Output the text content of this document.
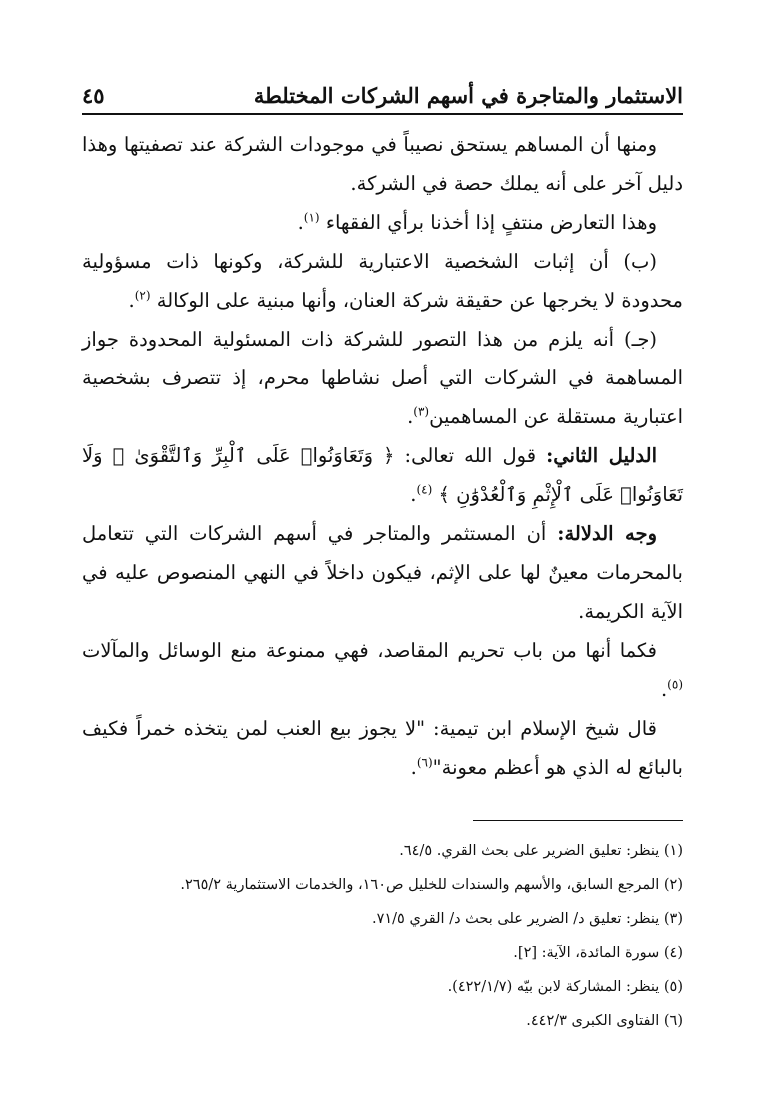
الاستثمار والمتاجرة في أسهم الشركات المختلطة
٤٥

ومنها أن المساهم يستحق نصيباً في موجودات الشركة عند تصفيتها وهذا دليل آخر على أنه يملك حصة في الشركة.

وهذا التعارض منتفٍ إذا أخذنا برأي الفقهاء $^{(١)}$.

(ب) أن إثبات الشخصية الاعتبارية للشركة، وكونها ذات مسؤولية محدودة لا يخرجها عن حقيقة شركة العنان، وأنها مبنية على الوكالة $^{(٢)}$.

(جـ) أنه يلزم من هذا التصور للشركة ذات المسئولية المحدودة جواز المساهمة في الشركات التي أصل نشاطها محرم، إذ تتصرف بشخصية اعتبارية مستقلة عن المساهمين$^{(٣)}$.

الدليل الثاني: قول الله تعالى: ﴿ وَتَعَاوَنُوا۟ عَلَى ٱلْبِرِّ وَٱلتَّقْوَىٰ ۖ وَلَا تَعَاوَنُوا۟ عَلَى ٱلْإِثْمِ وَٱلْعُدْوَٰنِ ﴾ $^{(٤)}$.

وجه الدلالة: أن المستثمر والمتاجر في أسهم الشركات التي تتعامل بالمحرمات معينٌ لها على الإثم، فيكون داخلاً في النهي المنصوص عليه في الآية الكريمة.

فكما أنها من باب تحريم المقاصد، فهي ممنوعة منع الوسائل والمآلات $^{(٥)}$.

قال شيخ الإسلام ابن تيمية: "لا يجوز بيع العنب لمن يتخذه خمراً فكيف بالبائع له الذي هو أعظم معونة"$^{(٦)}$.

(١) ينظر: تعليق الضرير على بحث القري. ٦٤/٥.

(٢) المرجع السابق، والأسهم والسندات للخليل ص١٦٠، والخدمات الاستثمارية ٢٦٥/٢.

(٣) ينظر: تعليق د/ الضرير على بحث د/ القري ٧١/٥.

(٤) سورة المائدة، الآية: [٢].

(٥) ينظر: المشاركة لابن بيّه (٤٢٢/١/٧).

(٦) الفتاوى الكبرى ٤٤٢/٣.
